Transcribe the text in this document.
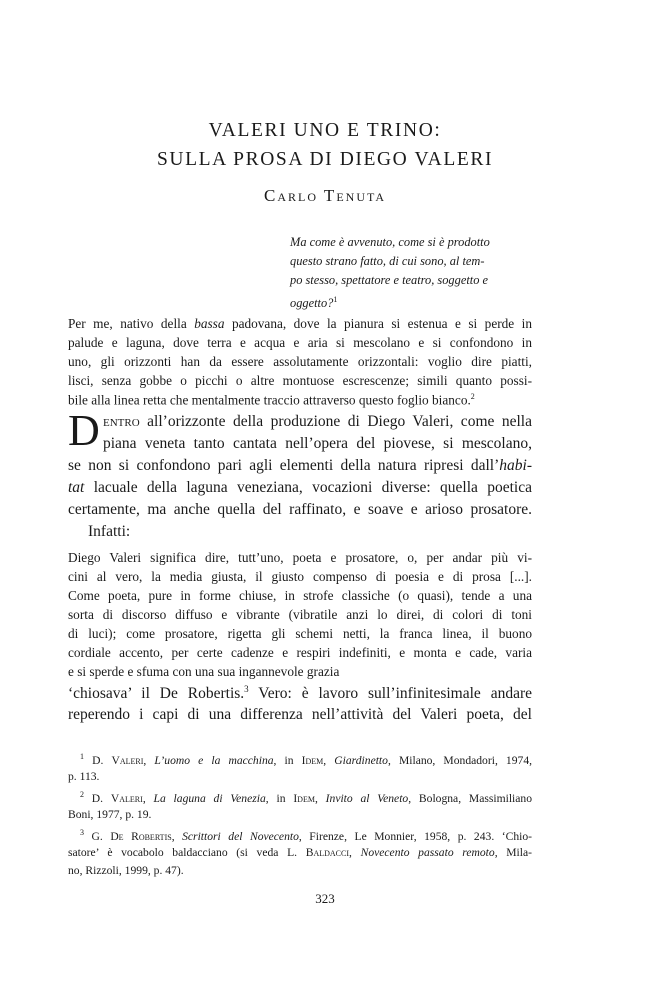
VALERI UNO E TRINO:
SULLA PROSA DI DIEGO VALERI
Carlo Tenuta
Ma come è avvenuto, come si è prodotto
questo strano fatto, di cui sono, al tem-
po stesso, spettatore e teatro, soggetto e
oggetto?$^1$
Per me, nativo della bassa padovana, dove la pianura si estenua e si perde in
palude e laguna, dove terra e acqua e aria si mescolano e si confondono in
uno, gli orizzonti han da essere assolutamente orizzontali: voglio dire piatti,
lisci, senza gobbe o picchi o altre montuose escrescenze; simili quanto possi-
bile alla linea retta che mentalmente traccio attraverso questo foglio bianco.$^2$
D entro all’orizzonte della produzione di Diego Valeri, come nella
piana veneta tanto cantata nell’opera del piovese, si mescolano,
se non si confondono pari agli elementi della natura ripresi dall’habi-
tat lacuale della laguna veneziana, vocazioni diverse: quella poetica
certamente, ma anche quella del raffinato, e soave e arioso prosatore.
Infatti:
Diego Valeri significa dire, tutt’uno, poeta e prosatore, o, per andar più vi-
cini al vero, la media giusta, il giusto compenso di poesia e di prosa [...].
Come poeta, pure in forme chiuse, in strofe classiche (o quasi), tende a una
sorta di discorso diffuso e vibrante (vibratile anzi lo direi, di colori di toni
di luci); come prosatore, rigetta gli schemi netti, la franca linea, il buono
cordiale accento, per certe cadenze e respiri indefiniti, e monta e cade, varia
e si sperde e sfuma con una sua ingannevole grazia
‘chiosava’ il De Robertis.$^3$ Vero: è lavoro sull’infinitesimale andare
reperendo i capi di una differenza nell’attività del Valeri poeta, del
$^1$ D. Valeri, L’uomo e la macchina, in Idem, Giardinetto, Milano, Mondadori, 1974,
p. 113.
$^2$ D. Valeri, La laguna di Venezia, in Idem, Invito al Veneto, Bologna, Massimiliano
Boni, 1977, p. 19.
$^3$ G. De Robertis, Scrittori del Novecento, Firenze, Le Monnier, 1958, p. 243. ‘Chio-
satore’ è vocabolo baldacciano (si veda L. Baldacci, Novecento passato remoto, Mila-
no, Rizzoli, 1999, p. 47).
323
